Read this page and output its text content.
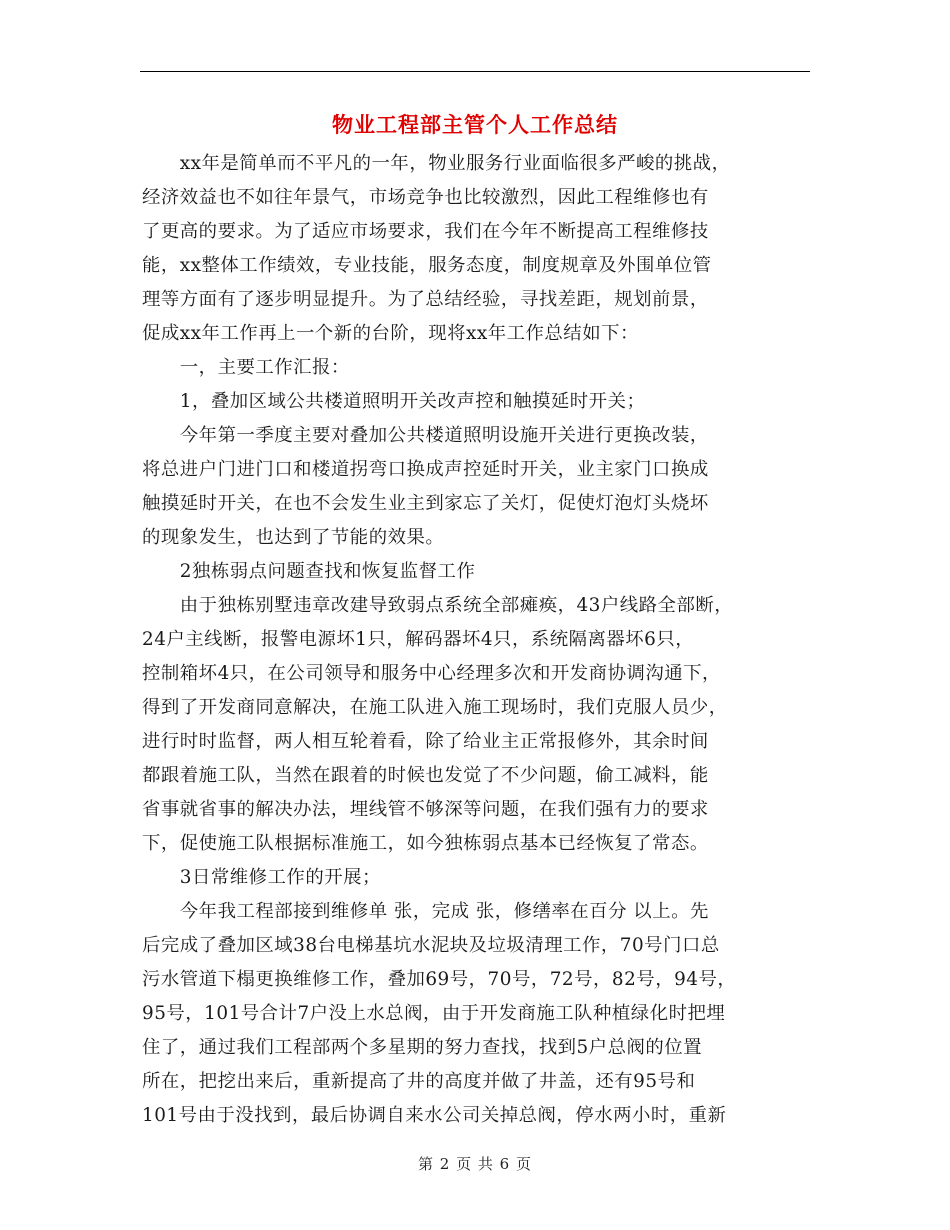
物业工程部主管个人工作总结
　　xx年是简单而不平凡的一年，物业服务行业面临很多严峻的挑战，
经济效益也不如往年景气，市场竞争也比较激烈，因此工程维修也有
了更高的要求。为了适应市场要求，我们在今年不断提高工程维修技
能，xx整体工作绩效，专业技能，服务态度，制度规章及外围单位管
理等方面有了逐步明显提升。为了总结经验，寻找差距，规划前景，
促成xx年工作再上一个新的台阶，现将xx年工作总结如下：
　　一，主要工作汇报：
　　1，叠加区域公共楼道照明开关改声控和触摸延时开关；
　　今年第一季度主要对叠加公共楼道照明设施开关进行更换改装，
将总进户门进门口和楼道拐弯口换成声控延时开关，业主家门口换成
触摸延时开关，在也不会发生业主到家忘了关灯，促使灯泡灯头烧坏
的现象发生，也达到了节能的效果。
　　2独栋弱点问题查找和恢复监督工作
　　由于独栋别墅违章改建导致弱点系统全部瘫痪，43户线路全部断，
24户主线断，报警电源坏1只，解码器坏4只，系统隔离器坏6只，
控制箱坏4只，在公司领导和服务中心经理多次和开发商协调沟通下，
得到了开发商同意解决，在施工队进入施工现场时，我们克服人员少，
进行时时监督，两人相互轮着看，除了给业主正常报修外，其余时间
都跟着施工队，当然在跟着的时候也发觉了不少问题，偷工减料，能
省事就省事的解决办法，埋线管不够深等问题，在我们强有力的要求
下，促使施工队根据标准施工，如今独栋弱点基本已经恢复了常态。
　　3日常维修工作的开展；
　　今年我工程部接到维修单 张，完成 张，修缮率在百分 以上。先
后完成了叠加区域38台电梯基坑水泥块及垃圾清理工作，70号门口总
污水管道下榻更换维修工作，叠加69号，70号，72号，82号，94号，
95号，101号合计7户没上水总阀，由于开发商施工队种植绿化时把埋
住了，通过我们工程部两个多星期的努力查找，找到5户总阀的位置
所在，把挖出来后，重新提高了井的高度并做了井盖，还有95号和
101号由于没找到，最后协调自来水公司关掉总阀，停水两小时，重新
第 2 页 共 6 页
